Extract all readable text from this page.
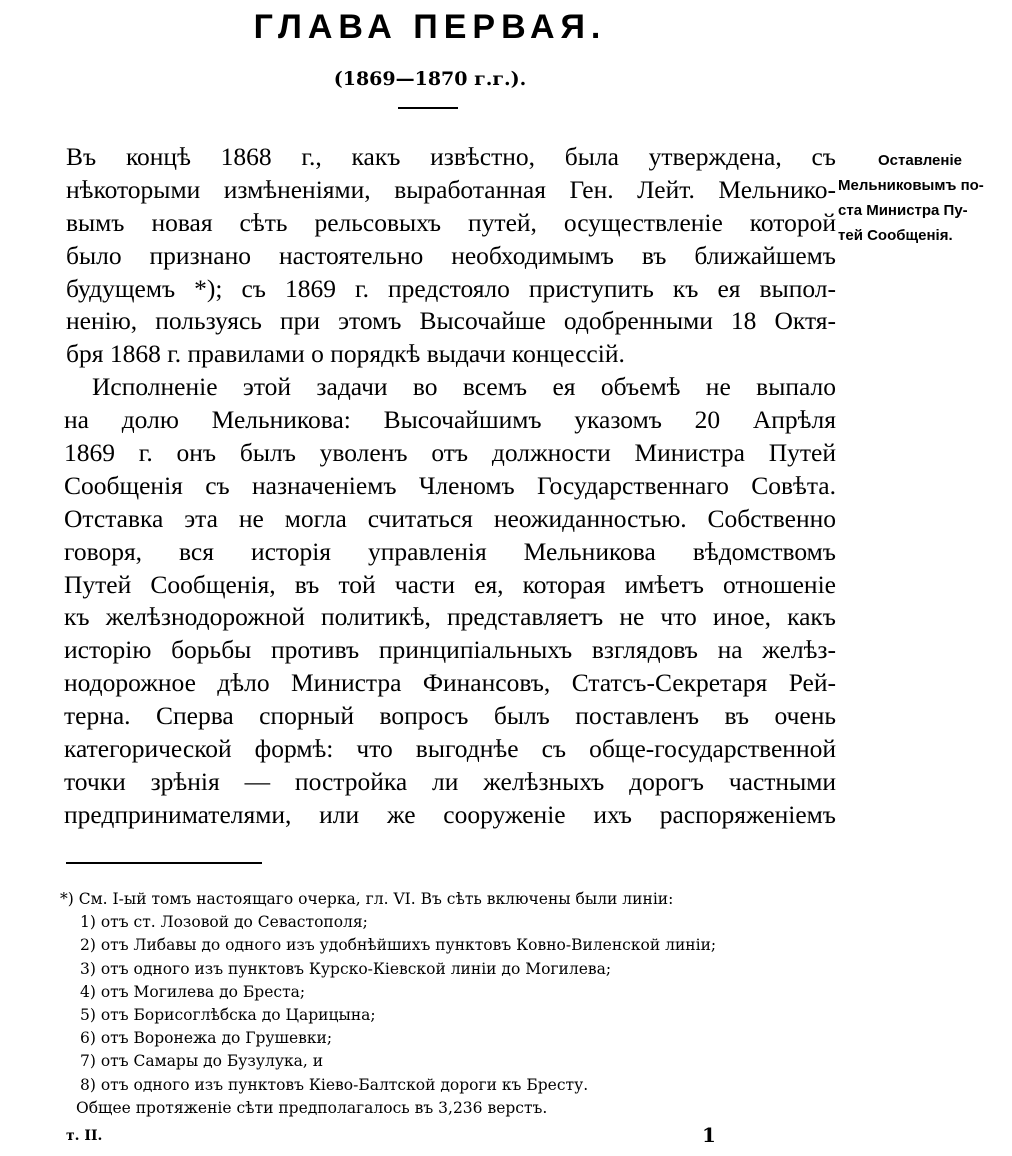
ГЛАВА ПЕРВАЯ.
(1869—1870 г.г.).
Въ концѣ 1868 г., какъ извѣстно, была утверждена, съ
нѣкоторыми измѣненіями, выработанная Ген. Лейт. Мельнико-
вымъ новая сѣть рельсовыхъ путей, осуществленіе которой
было признано настоятельно необходимымъ въ ближайшемъ
будущемъ *); съ 1869 г. предстояло приступить къ ея выпол-
ненію, пользуясь при этомъ Высочайше одобренными 18 Октя-
бря 1868 г. правилами о порядкѣ выдачи концессій.
Исполненіе этой задачи во всемъ ея объемѣ не выпало
на долю Мельникова: Высочайшимъ указомъ 20 Апрѣля
1869 г. онъ былъ уволенъ отъ должности Министра Путей
Сообщенія съ назначеніемъ Членомъ Государственнаго Совѣта.
Отставка эта не могла считаться неожиданностью. Собственно
говоря, вся исторія управленія Мельникова вѣдомствомъ
Путей Сообщенія, въ той части ея, которая имѣетъ отношеніе
къ желѣзнодорожной политикѣ, представляетъ не что иное, какъ
исторію борьбы противъ принципіальныхъ взглядовъ на желѣз-
нодорожное дѣло Министра Финансовъ, Статсъ-Секретаря Рей-
терна. Сперва спорный вопросъ былъ поставленъ въ очень
категорической формѣ: что выгоднѣе съ обще-государственной
точки зрѣнія — постройка ли желѣзныхъ дорогъ частными
предпринимателями, или же сооруженіе ихъ распоряженіемъ
Оставленіе
Мельниковымъ по-
ста Министра Пу-
тей Сообщенія.
*) См. І-ый томъ настоящаго очерка, гл. VI. Въ сѣть включены были линіи:
1) отъ ст. Лозовой до Севастополя;
2) отъ Либавы до одного изъ удобнѣйшихъ пунктовъ Ковно-Виленской линіи;
3) отъ одного изъ пунктовъ Курско-Кіевской линіи до Могилева;
4) отъ Могилева до Бреста;
5) отъ Борисоглѣбска до Царицына;
6) отъ Воронежа до Грушевки;
7) отъ Самары до Бузулука, и
8) отъ одного изъ пунктовъ Кіево-Балтской дороги къ Бресту.
Общее протяженіе сѣти предполагалось въ 3,236 верстъ.
т. II.	1
